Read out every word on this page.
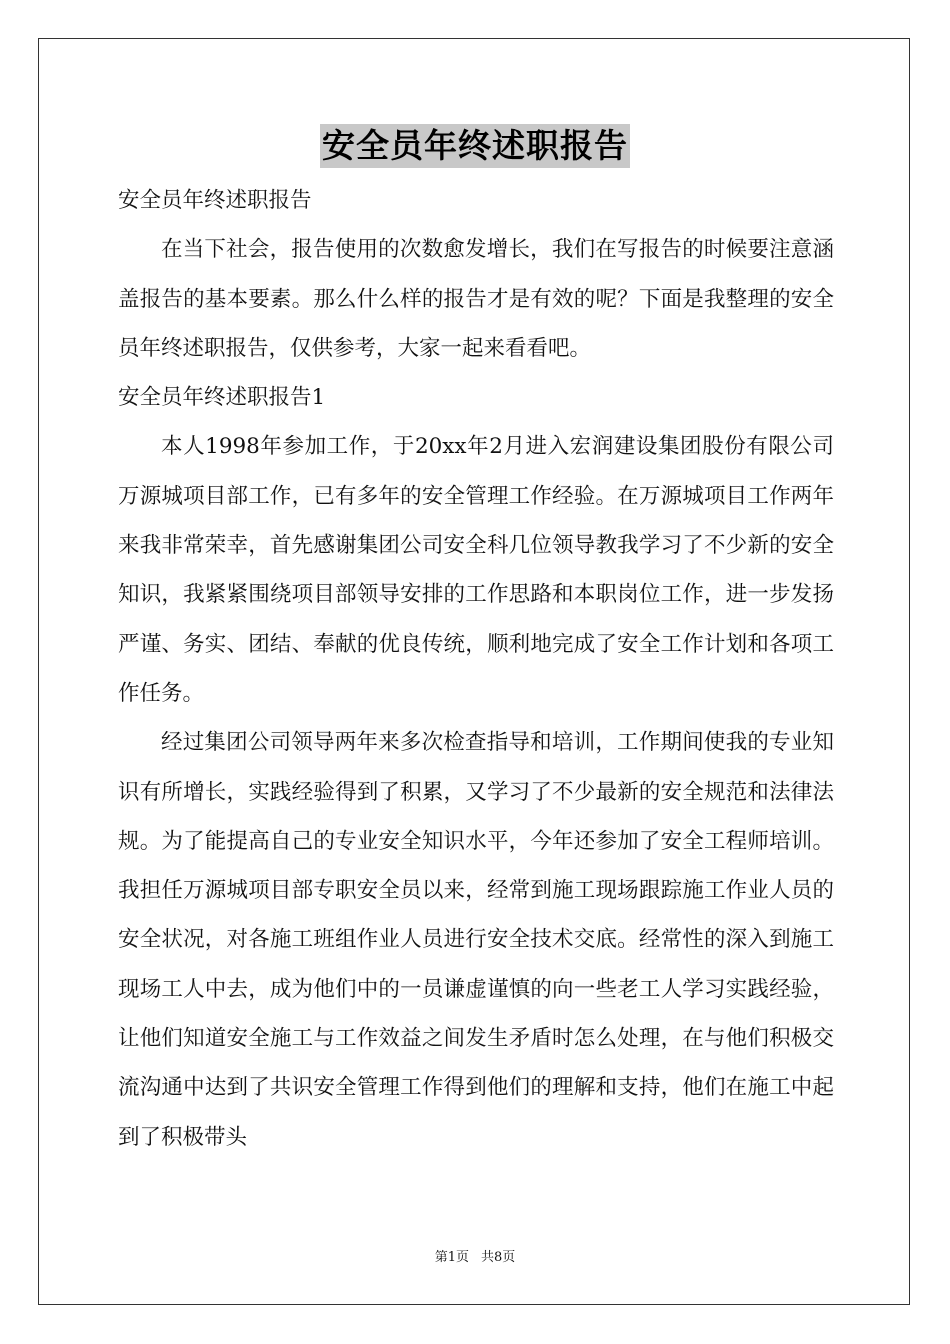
安全员年终述职报告

安全员年终述职报告

在当下社会，报告使用的次数愈发增长，我们在写报告的时候要注意涵盖报告的基本要素。那么什么样的报告才是有效的呢？下面是我整理的安全员年终述职报告，仅供参考，大家一起来看看吧。

安全员年终述职报告1

本人1998年参加工作，于20xx年2月进入宏润建设集团股份有限公司万源城项目部工作，已有多年的安全管理工作经验。在万源城项目工作两年来我非常荣幸，首先感谢集团公司安全科几位领导教我学习了不少新的安全知识，我紧紧围绕项目部领导安排的工作思路和本职岗位工作，进一步发扬严谨、务实、团结、奉献的优良传统，顺利地完成了安全工作计划和各项工作任务。

经过集团公司领导两年来多次检查指导和培训，工作期间使我的专业知识有所增长，实践经验得到了积累，又学习了不少最新的安全规范和法律法规。为了能提高自己的专业安全知识水平，今年还参加了安全工程师培训。我担任万源城项目部专职安全员以来，经常到施工现场跟踪施工作业人员的安全状况，对各施工班组作业人员进行安全技术交底。经常性的深入到施工现场工人中去，成为他们中的一员谦虚谨慎的向一些老工人学习实践经验，让他们知道安全施工与工作效益之间发生矛盾时怎么处理，在与他们积极交流沟通中达到了共识安全管理工作得到他们的理解和支持，他们在施工中起到了积极带头

第1页 共8页
